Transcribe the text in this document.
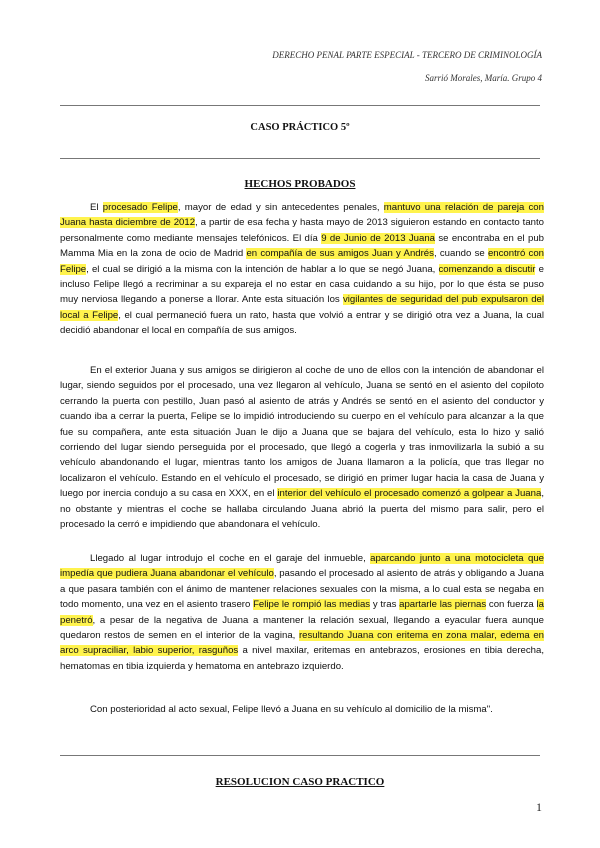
DERECHO PENAL PARTE ESPECIAL - TERCERO DE CRIMINOLOGÍA
Sarrió Morales, María. Grupo 4
CASO PRÁCTICO 5º
HECHOS PROBADOS

El procesado Felipe, mayor de edad y sin antecedentes penales, mantuvo una relación de pareja con Juana hasta diciembre de 2012, a partir de esa fecha y hasta mayo de 2013 siguieron estando en contacto tanto personalmente como mediante mensajes telefónicos. El día 9 de Junio de 2013 Juana se encontraba en el pub Mamma Mia en la zona de ocio de Madrid en compañía de sus amigos Juan y Andrés, cuando se encontró con Felipe, el cual se dirigió a la misma con la intención de hablar a lo que se negó Juana, comenzando a discutir e incluso Felipe llegó a recriminar a su expareja el no estar en casa cuidando a su hijo, por lo que ésta se puso muy nerviosa llegando a ponerse a llorar. Ante esta situación los vigilantes de seguridad del pub expulsaron del local a Felipe, el cual permaneció fuera un rato, hasta que volvió a entrar y se dirigió otra vez a Juana, la cual decidió abandonar el local en compañía de sus amigos.

En el exterior Juana y sus amigos se dirigieron al coche de uno de ellos con la intención de abandonar el lugar, siendo seguidos por el procesado, una vez llegaron al vehículo, Juana se sentó en el asiento del copiloto cerrando la puerta con pestillo, Juan pasó al asiento de atrás y Andrés se sentó en el asiento del conductor y cuando iba a cerrar la puerta, Felipe se lo impidió introduciendo su cuerpo en el vehículo para alcanzar a la que fue su compañera, ante esta situación Juan le dijo a Juana que se bajara del vehículo, esta lo hizo y salió corriendo del lugar siendo perseguida por el procesado, que llegó a cogerla y tras inmovilizarla la subió a su vehículo abandonando el lugar, mientras tanto los amigos de Juana llamaron a la policía, que tras llegar no localizaron el vehículo. Estando en el vehículo el procesado, se dirigió en primer lugar hacia la casa de Juana y luego por inercia condujo a su casa en XXX, en el interior del vehículo el procesado comenzó a golpear a Juana, no obstante y mientras el coche se hallaba circulando Juana abrió la puerta del mismo para salir, pero el procesado la cerró e impidiendo que abandonara el vehículo.

Llegado al lugar introdujo el coche en el garaje del inmueble, aparcando junto a una motocicleta que impedía que pudiera Juana abandonar el vehículo, pasando el procesado al asiento de atrás y obligando a Juana a que pasara también con el ánimo de mantener relaciones sexuales con la misma, a lo cual esta se negaba en todo momento, una vez en el asiento trasero Felipe le rompió las medias y tras apartarle las piernas con fuerza la penetró, a pesar de la negativa de Juana a mantener la relación sexual, llegando a eyacular fuera aunque quedaron restos de semen en el interior de la vagina, resultando Juana con eritema en zona malar, edema en arco supraciliar, labio superior, rasguños a nivel maxilar, eritemas en antebrazos, erosiones en tibia derecha, hematomas en tibia izquierda y hematoma en antebrazo izquierdo.

Con posterioridad al acto sexual, Felipe llevó a Juana en su vehículo al domicilio de la misma".

RESOLUCION CASO PRACTICO
1
